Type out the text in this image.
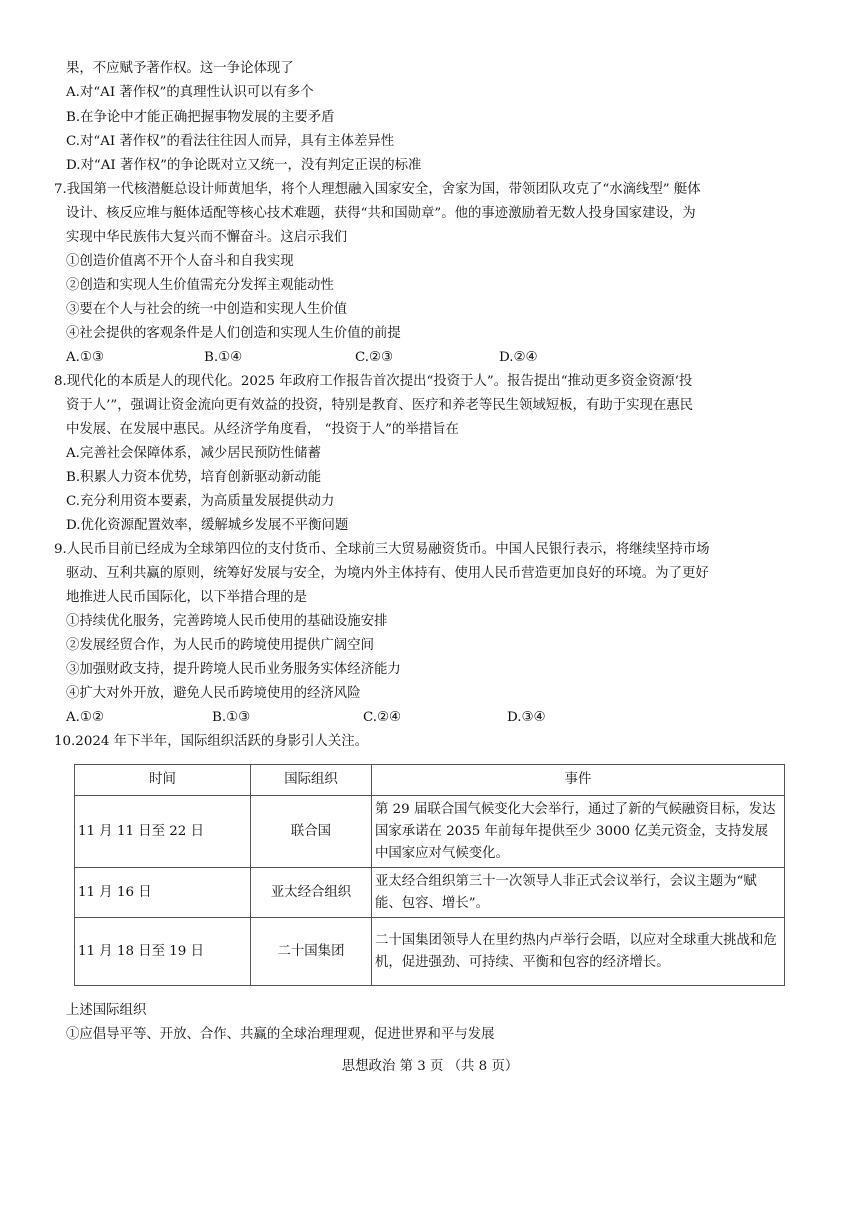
果，不应赋予著作权。这一争论体现了
A.对“AI 著作权”的真理性认识可以有多个
B.在争论中才能正确把握事物发展的主要矛盾
C.对“AI 著作权”的看法往往因人而异，具有主体差异性
D.对“AI 著作权”的争论既对立又统一，没有判定正误的标准
7.我国第一代核潜艇总设计师黄旭华，将个人理想融入国家安全，舍家为国，带领团队攻克了“水滴线型” 艇体
设计、核反应堆与艇体适配等核心技术难题，获得“共和国勋章”。他的事迹激励着无数人投身国家建设，为
实现中华民族伟大复兴而不懈奋斗。这启示我们
①创造价值离不开个人奋斗和自我实现
②创造和实现人生价值需充分发挥主观能动性
③要在个人与社会的统一中创造和实现人生价值
④社会提供的客观条件是人们创造和实现人生价值的前提
A.①③	B.①④	C.②③	D.②④
8.现代化的本质是人的现代化。2025 年政府工作报告首次提出“投资于人”。报告提出“推动更多资金资源‘投
资于人’”，强调让资金流向更有效益的投资，特别是教育、医疗和养老等民生领域短板，有助于实现在惠民
中发展、在发展中惠民。从经济学角度看， “投资于人”的举措旨在
A.完善社会保障体系，减少居民预防性储蓄
B.积累人力资本优势，培育创新驱动新动能
C.充分利用资本要素，为高质量发展提供动力
D.优化资源配置效率，缓解城乡发展不平衡问题
9.人民币目前已经成为全球第四位的支付货币、全球前三大贸易融资货币。中国人民银行表示，将继续坚持市场
驱动、互利共赢的原则，统筹好发展与安全，为境内外主体持有、使用人民币营造更加良好的环境。为了更好
地推进人民币国际化，以下举措合理的是
①持续优化服务，完善跨境人民币使用的基础设施安排
②发展经贸合作，为人民币的跨境使用提供广阔空间
③加强财政支持，提升跨境人民币业务服务实体经济能力
④扩大对外开放，避免人民币跨境使用的经济风险
A.①②	B.①③	C.②④	D.③④
10.2024 年下半年，国际组织活跃的身影引人关注。
时间	国际组织	事件
11 月 11 日至 22 日	联合国	第 29 届联合国气候变化大会举行，通过了新的气候融资目标，发达国家承诺在 2035 年前每年提供至少 3000 亿美元资金，支持发展中国家应对气候变化。
11 月 16 日	亚太经合组织	亚太经合组织第三十一次领导人非正式会议举行，会议主题为“赋能、包容、增长”。
11 月 18 日至 19 日	二十国集团	二十国集团领导人在里约热内卢举行会晤，以应对全球重大挑战和危机，促进强劲、可持续、平衡和包容的经济增长。
上述国际组织
①应倡导平等、开放、合作、共赢的全球治理理观，促进世界和平与发展
思想政治 第 3 页 （共 8 页）
